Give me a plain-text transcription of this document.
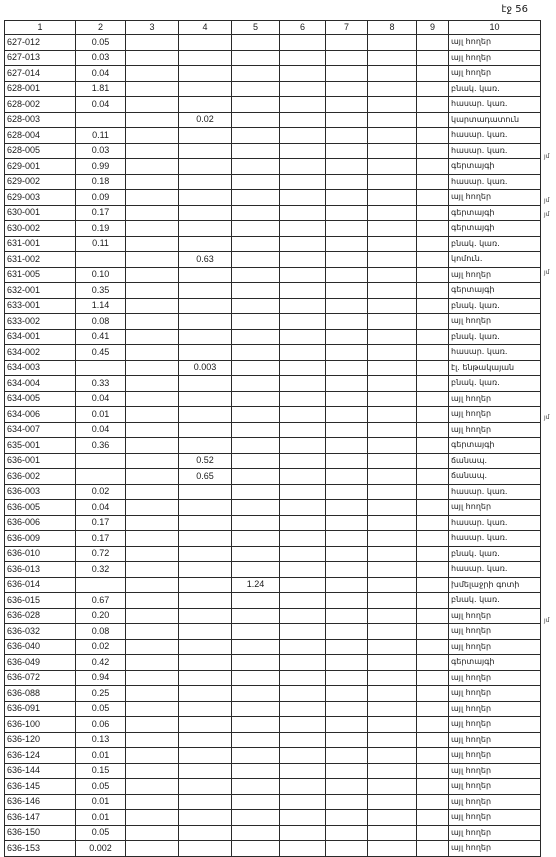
էջ 56
1	2	3	4	5	6	7	8	9	10
627-012	0.05								այլ հողեր
627-013	0.03								այլ հողեր
627-014	0.04								այլ հողեր
628-001	1.81								բնակ. կառ.
628-002	0.04								հասար. կառ.
628-003			0.02						կարտադատուն
628-004	0.11								հասար. կառ.
628-005	0.03								հասար. կառ.
629-001	0.99								գերտայգի
629-002	0.18								հասար. կառ.
629-003	0.09								այլ հողեր
630-001	0.17								գերտայգի
630-002	0.19								գերտայգի
631-001	0.11								բնակ. կառ.
631-002			0.63						կոմուն.
631-005	0.10								այլ հողեր
632-001	0.35								գերտայգի
633-001	1.14								բնակ. կառ.
633-002	0.08								այլ հողեր
634-001	0.41								բնակ. կառ.
634-002	0.45								հասար. կառ.
634-003			0.003						էլ. ենթակայան
634-004	0.33								բնակ. կառ.
634-005	0.04								այլ հողեր
634-006	0.01								այլ հողեր
634-007	0.04								այլ հողեր
635-001	0.36								գերտայգի
636-001			0.52						ճանապ.
636-002			0.65						ճանապ.
636-003	0.02								հասար. կառ.
636-005	0.04								այլ հողեր
636-006	0.17								հասար. կառ.
636-009	0.17								հասար. կառ.
636-010	0.72								բնակ. կառ.
636-013	0.32								հասար. կառ.
636-014				1.24					խմելաջրի գոտի
636-015	0.67								բնակ. կառ.
636-028	0.20								այլ հողեր
636-032	0.08								այլ հողեր
636-040	0.02								այլ հողեր
636-049	0.42								գերտայգի
636-072	0.94								այլ հողեր
636-088	0.25								այլ հողեր
636-091	0.05								այլ հողեր
636-100	0.06								այլ հողեր
636-120	0.13								այլ հողեր
636-124	0.01								այլ հողեր
636-144	0.15								այլ հողեր
636-145	0.05								այլ հողեր
636-146	0.01								այլ հողեր
636-147	0.01								այլ հողեր
636-150	0.05								այլ հողեր
636-153	0.002								այլ հողեր
յմ
յմ
յմ
յմ
յմ
յմ
